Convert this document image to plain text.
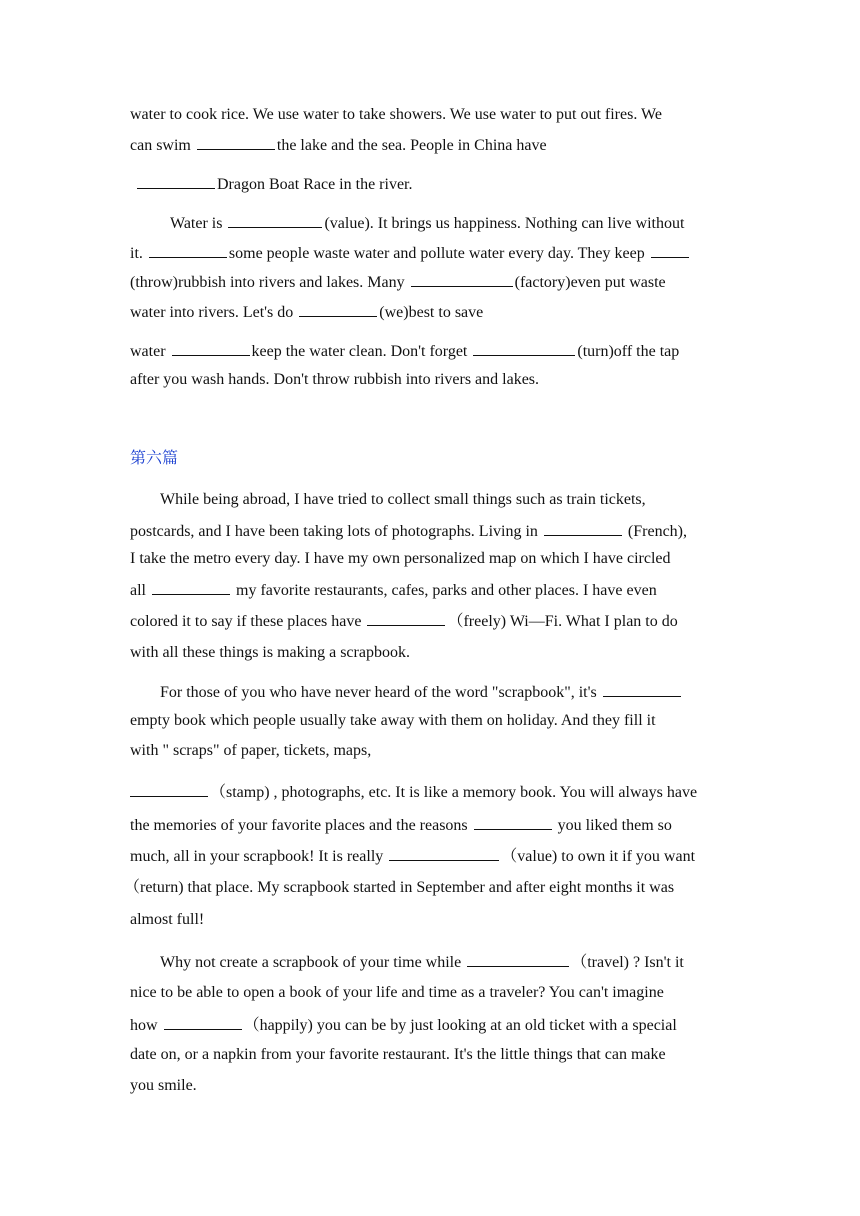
water to cook rice. We use water to take showers. We use water to put out fires. We

can swim	the lake and the sea. People in China have

Dragon Boat Race in the river.

Water is	(value). It brings us happiness. Nothing can live without

it.	some people waste water and pollute water every day. They keep

(throw)rubbish into rivers and lakes. Many	(factory)even put waste

water into rivers. Let's do	(we)best to save

water	keep the water clean. Don't forget	(turn)off the tap

after you wash hands. Don't throw rubbish into rivers and lakes.

第六篇

While being abroad, I have tried to collect small things such as train tickets,

postcards, and I have been taking lots of photographs. Living in	(French),

I take the metro every day. I have my own personalized map on which I have circled

all	my favorite restaurants, cafes, parks and other places. I have even

colored it to say if these places have	（freely) Wi—Fi. What I plan to do

with all these things is making a scrapbook.

For those of you who have never heard of the word "scrapbook", it's

empty book which people usually take away with them on holiday. And they fill it

with " scraps" of paper, tickets, maps,

（stamp) , photographs, etc. It is like a memory book. You will always have

the memories of your favorite places and the reasons	you liked them so

much, all in your scrapbook! It is really	（value) to own it if you want

（return) that place. My scrapbook started in September and after eight months it was

almost full!

Why not create a scrapbook of your time while	（travel) ? Isn't it

nice to be able to open a book of your life and time as a traveler? You can't imagine

how	（happily) you can be by just looking at an old ticket with a special

date on, or a napkin from your favorite restaurant. It's the little things that can make

you smile.
